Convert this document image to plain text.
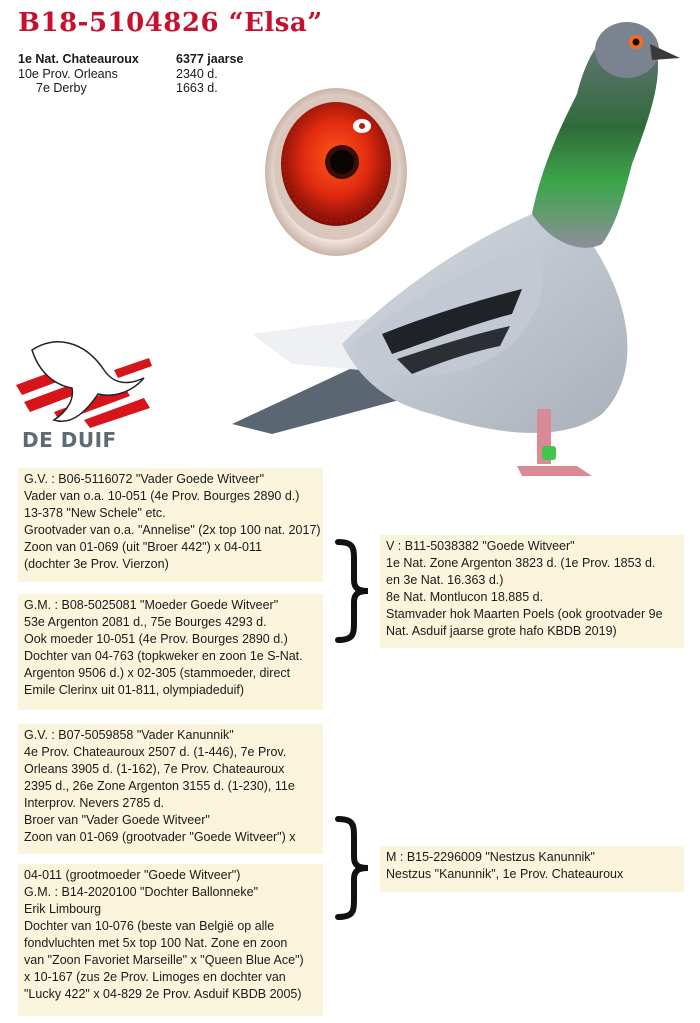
B18-5104826 “Elsa”
1e Nat. Chateauroux	6377 jaarse
10e Prov. Orleans	2340 d.
7e Derby	1663 d.
DE DUIF

G.V. : B06-5116072 "Vader Goede Witveer"

Vader van o.a. 10-051 (4e Prov. Bourges 2890 d.)

13-378 "New Schele" etc.

Grootvader van o.a. "Annelise" (2x top 100 nat. 2017)

Zoon van 01-069 (uit "Broer 442") x 04-011

(dochter 3e Prov. Vierzon)

G.M. : B08-5025081 "Moeder Goede Witveer"

53e Argenton 2081 d., 75e Bourges 4293 d.

Ook moeder 10-051 (4e Prov. Bourges 2890 d.)

Dochter van 04-763 (topkweker en zoon 1e S-Nat.

Argenton 9506 d.) x 02-305 (stammoeder, direct

Emile Clerinx uit 01-811, olympiadeduif)

V : B11-5038382 "Goede Witveer"

1e Nat. Zone Argenton 3823 d. (1e Prov. 1853 d.

en 3e Nat. 16.363 d.)

8e Nat. Montlucon 18.885 d.

Stamvader hok Maarten Poels (ook grootvader 9e

Nat. Asduif jaarse grote hafo KBDB 2019)

G.V. : B07-5059858 "Vader Kanunnik"

4e Prov. Chateauroux 2507 d. (1-446), 7e Prov.

Orleans 3905 d. (1-162), 7e Prov. Chateauroux

2395 d., 26e Zone Argenton 3155 d. (1-230), 11e

Interprov. Nevers 2785 d.

Broer van "Vader Goede Witveer"

Zoon van 01-069 (grootvader "Goede Witveer") x

04-011 (grootmoeder "Goede Witveer")

G.M. : B14-2020100 "Dochter Ballonneke"

Erik Limbourg

Dochter van 10-076 (beste van België op alle

fondvluchten met 5x top 100 Nat. Zone en zoon

van "Zoon Favoriet Marseille" x "Queen Blue Ace")

x 10-167 (zus 2e Prov. Limoges en dochter van

"Lucky 422" x 04-829 2e Prov. Asduif KBDB 2005)

M : B15-2296009 "Nestzus Kanunnik"

Nestzus "Kanunnik", 1e Prov. Chateauroux
